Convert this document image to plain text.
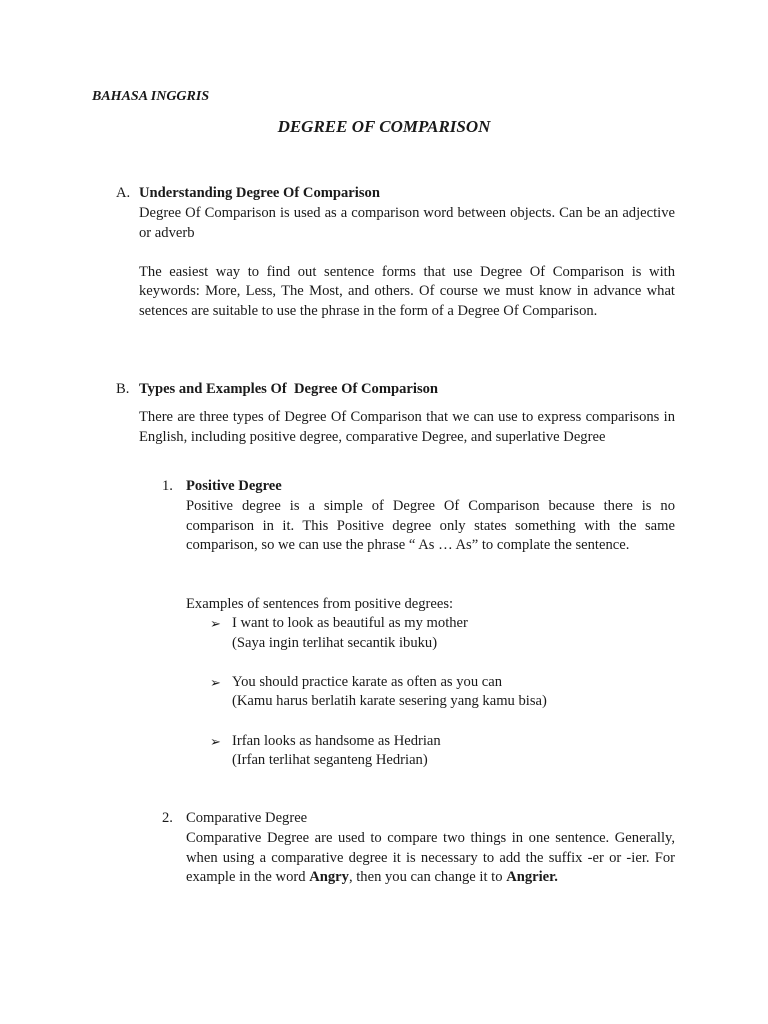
BAHASA INGGRIS
DEGREE OF COMPARISON
A. Understanding Degree Of Comparison

Degree Of Comparison is used as a comparison word between objects. Can be an adjective or adverb

The easiest way to find out sentence forms that use Degree Of Comparison is with keywords: More, Less, The Most, and others. Of course we must know in advance what setences are suitable to use the phrase in the form of a Degree Of Comparison.

B. Types and Examples Of  Degree Of Comparison
There are three types of Degree Of Comparison that we can use to express comparisons in English, including positive degree, comparative Degree, and superlative Degree
1. Positive Degree
Positive degree is a simple of Degree Of Comparison because there is no comparison in it. This Positive degree only states something with the same comparison, so we can use the phrase “ As … As” to complate the sentence.
Examples of sentences from positive degrees:
➢ I want to look as beautiful as my mother
(Saya ingin terlihat secantik ibuku)
➢ You should practice karate as often as you can
(Kamu harus berlatih karate sesering yang kamu bisa)
➢ Irfan looks as handsome as Hedrian
(Irfan terlihat seganteng Hedrian)
2. Comparative Degree
Comparative Degree are used to compare two things in one sentence. Generally, when using a comparative degree it is necessary to add the suffix -er or -ier. For example in the word Angry, then you can change it to Angrier.
